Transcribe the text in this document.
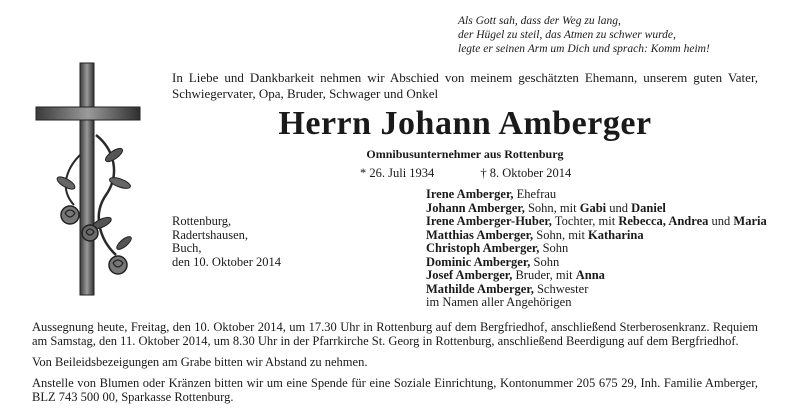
Als Gott sah, dass der Weg zu lang,
der Hügel zu steil, das Atmen zu schwer wurde,
legte er seinen Arm um Dich und sprach: Komm heim!
In Liebe und Dankbarkeit nehmen wir Abschied von meinem geschätzten Ehemann, unserem guten Vater, Schwiegervater, Opa, Bruder, Schwager und Onkel
Herrn Johann Amberger
Omnibusunternehmer aus Rottenburg
* 26. Juli 1934	† 8. Oktober 2014
Rottenburg,
Radertshausen,
Buch,
den 10. Oktober 2014
Irene Amberger, Ehefrau
Johann Amberger, Sohn, mit Gabi und Daniel
Irene Amberger-Huber, Tochter, mit Rebecca, Andrea und Maria
Matthias Amberger, Sohn, mit Katharina
Christoph Amberger, Sohn
Dominic Amberger, Sohn
Josef Amberger, Bruder, mit Anna
Mathilde Amberger, Schwester
im Namen aller Angehörigen

Aussegnung heute, Freitag, den 10. Oktober 2014, um 17.30 Uhr in Rottenburg auf dem Bergfriedhof, anschließend Sterberosenkranz. Requiem am Samstag, den 11. Oktober 2014, um 8.30 Uhr in der Pfarrkirche St. Georg in Rottenburg, anschließend Beerdigung auf dem Bergfriedhof.

Von Beileidsbezeigungen am Grabe bitten wir Abstand zu nehmen.

Anstelle von Blumen oder Kränzen bitten wir um eine Spende für eine Soziale Einrichtung, Kontonummer 205 675 29, Inh. Familie Amberger, BLZ 743 500 00, Sparkasse Rottenburg.
